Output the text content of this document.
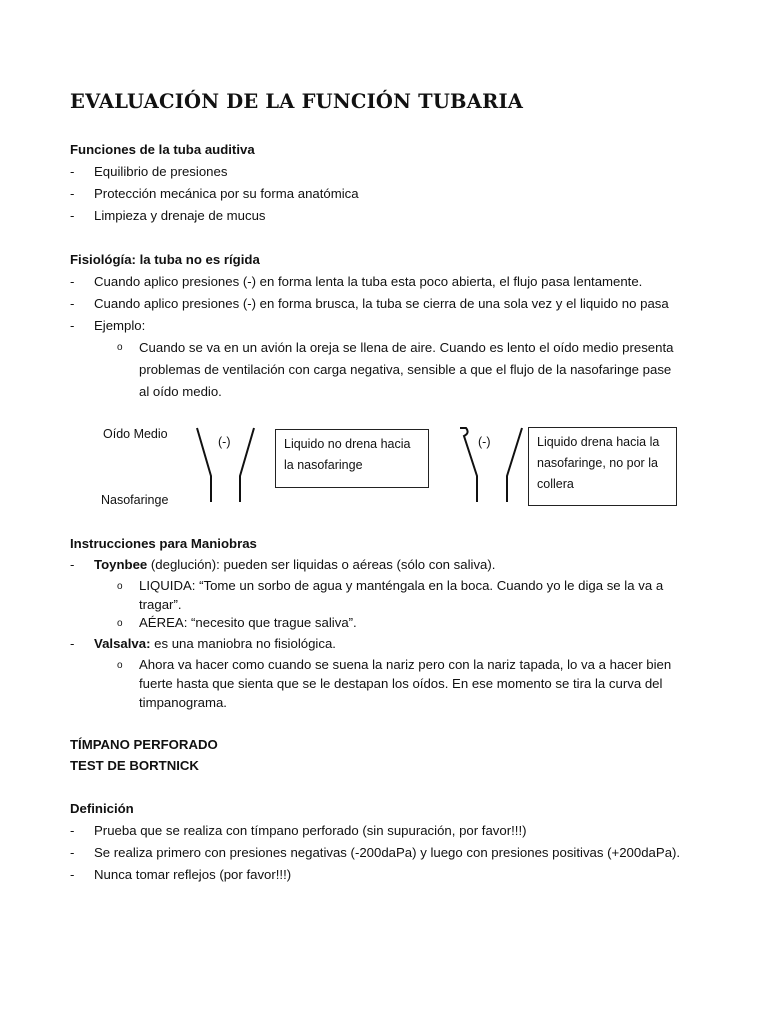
EVALUACIÓN DE LA FUNCIÓN TUBARIA
Funciones de la tuba auditiva
- Equilibrio de presiones
- Protección mecánica por su forma anatómica
- Limpieza y drenaje de mucus
Fisiológía: la tuba no es rígida
- Cuando aplico presiones (-) en forma lenta la tuba esta poco abierta, el flujo pasa lentamente.
- Cuando aplico presiones (-) en forma brusca, la tuba se cierra de una sola vez y el liquido no pasa
- Ejemplo:
o Cuando se va en un avión la oreja se llena de aire. Cuando es lento el oído medio presenta
problemas de ventilación con carga negativa, sensible a que el flujo de la nasofaringe pase
al oído medio.
Oído Medio
Nasofaringe
(-)	(-)
Liquido no drena hacia la nasofaringe
Liquido drena hacia la nasofaringe, no por la collera
Instrucciones para Maniobras
- Toynbee (deglución): pueden ser liquidas o aéreas (sólo con saliva).
o LIQUIDA: “Tome un sorbo de agua y manténgala en la boca. Cuando yo le diga se la va a
tragar”.
o AÉREA: “necesito que trague saliva”.
- Valsalva: es una maniobra no fisiológica.
o Ahora va hacer como cuando se suena la nariz pero con la nariz tapada, lo va a hacer bien
fuerte hasta que sienta que se le destapan los oídos. En ese momento se tira la curva del
timpanograma.
TÍMPANO PERFORADO
TEST DE BORTNICK
Definición
- Prueba que se realiza con tímpano perforado (sin supuración, por favor!!!)
- Se realiza primero con presiones negativas (-200daPa) y luego con presiones positivas (+200daPa).
- Nunca tomar reflejos (por favor!!!)
